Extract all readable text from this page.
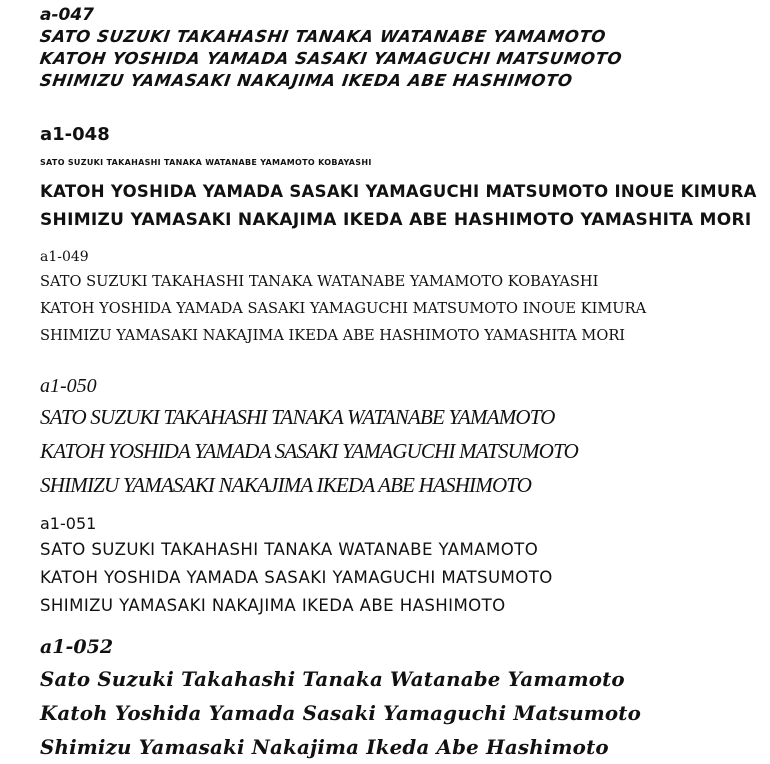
a-047
SATO SUZUKI TAKAHASHI TANAKA WATANABE YAMAMOTO
KATOH YOSHIDA YAMADA SASAKI YAMAGUCHI MATSUMOTO
SHIMIZU YAMASAKI NAKAJIMA IKEDA ABE HASHIMOTO
a1-048
SATO SUZUKI TAKAHASHI TANAKA WATANABE YAMAMOTO KOBAYASHI
KATOH YOSHIDA YAMADA SASAKI YAMAGUCHI MATSUMOTO INOUE KIMURA
SHIMIZU YAMASAKI NAKAJIMA IKEDA ABE HASHIMOTO YAMASHITA MORI
a1-049
SATO SUZUKI TAKAHASHI TANAKA WATANABE YAMAMOTO KOBAYASHI
KATOH YOSHIDA YAMADA SASAKI YAMAGUCHI MATSUMOTO INOUE KIMURA
SHIMIZU YAMASAKI NAKAJIMA IKEDA ABE HASHIMOTO YAMASHITA MORI
a1-050
SATO SUZUKI TAKAHASHI TANAKA WATANABE YAMAMOTO
KATOH YOSHIDA YAMADA SASAKI YAMAGUCHI MATSUMOTO
SHIMIZU YAMASAKI NAKAJIMA IKEDA ABE HASHIMOTO
a1-051
SATO SUZUKI TAKAHASHI TANAKA WATANABE YAMAMOTO
KATOH YOSHIDA YAMADA SASAKI YAMAGUCHI MATSUMOTO
SHIMIZU YAMASAKI NAKAJIMA IKEDA ABE HASHIMOTO
a1-052
Sato Suzuki Takahashi Tanaka Watanabe Yamamoto
Katoh Yoshida Yamada Sasaki Yamaguchi Matsumoto
Shimizu Yamasaki Nakajima Ikeda Abe Hashimoto
